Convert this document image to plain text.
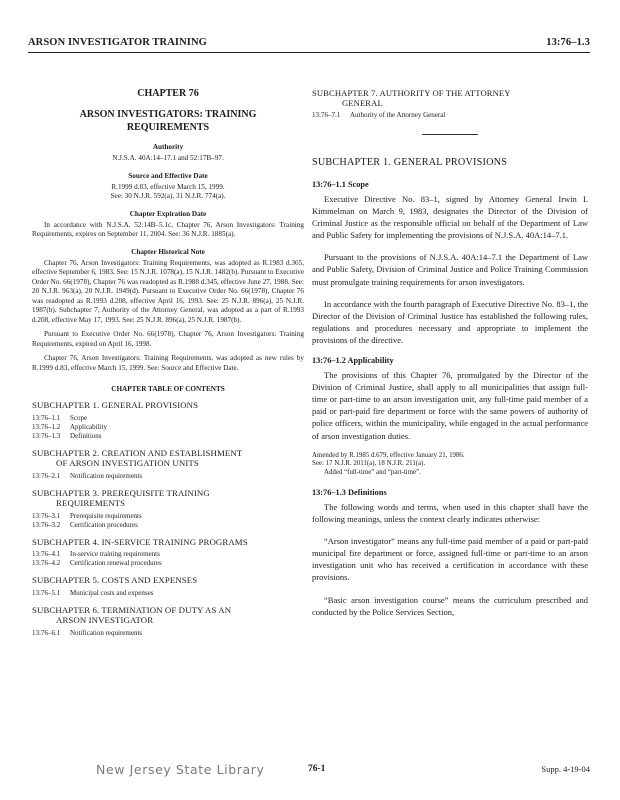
ARSON INVESTIGATOR TRAINING	13:76–1.3
CHAPTER 76
ARSON INVESTIGATORS: TRAINING REQUIREMENTS
Authority
N.J.S.A. 40A:14–17.1 and 52:17B–97.
Source and Effective Date
R.1999 d.83, effective March 15, 1999.
See: 30 N.J.R. 592(a), 31 N.J.R. 774(a).
Chapter Expiration Date
In accordance with N.J.S.A. 52:14B–5.1c, Chapter 76, Arson Investigators: Training Requirements, expires on September 11, 2004. See: 36 N.J.R. 1885(a).
Chapter Historical Note
Chapter 76, Arson Investigators: Training Requirements, was adopted as R.1983 d.365, effective September 6, 1983. See: 15 N.J.R. 1078(a), 15 N.J.R. 1482(b). Pursuant to Executive Order No. 66(1978), Chapter 76 was readopted as R.1988 d.345, effective June 27, 1988. See: 20 N.J.R. 963(a), 20 N.J.R. 1949(d). Pursuant to Executive Order No. 66(1978), Chapter 76 was readopted as R.1993 d.208, effective April 16, 1993. See: 25 N.J.R. 896(a), 25 N.J.R. 1987(b). Subchapter 7, Authority of the Attorney General, was adopted as a part of R.1993 d.208, effective May 17, 1993. See: 25 N.J.R. 896(a), 25 N.J.R. 1987(b).
Pursuant to Executive Order No. 66(1978), Chapter 76, Arson Investigators: Training Requirements, expired on April 16, 1998.
Chapter 76, Arson Investigators: Training Requirements, was adopted as new rules by R.1999 d.83, effective March 15, 1999. See: Source and Effective Date.
CHAPTER TABLE OF CONTENTS
SUBCHAPTER 1. GENERAL PROVISIONS
13:76–1.1	Scope
13:76–1.2	Applicability
13:76–1.3	Definitions
SUBCHAPTER 2. CREATION AND ESTABLISHMENT
OF ARSON INVESTIGATION UNITS
13:76–2.1	Notification requirements
SUBCHAPTER 3. PREREQUISITE TRAINING
REQUIREMENTS
13:76–3.1	Prerequisite requirements
13:76–3.2	Certification procedures
SUBCHAPTER 4. IN-SERVICE TRAINING PROGRAMS
13:76–4.1	In-service training requirements
13:76–4.2	Certification renewal procedures
SUBCHAPTER 5. COSTS AND EXPENSES
13:76–5.1	Municipal costs and expenses
SUBCHAPTER 6. TERMINATION OF DUTY AS AN
ARSON INVESTIGATOR
13:76–6.1	Notification requirements
SUBCHAPTER 7. AUTHORITY OF THE ATTORNEY
GENERAL
13:76–7.1	Authority of the Attorney General
SUBCHAPTER 1. GENERAL PROVISIONS
13:76–1.1 Scope

Executive Directive No. 83–1, signed by Attorney General Irwin I. Kimmelman on March 9, 1983, designates the Director of the Division of Criminal Justice as the responsible official on behalf of the Department of Law and Public Safety for implementing the provisions of N.J.S.A. 40A:14–7.1.

Pursuant to the provisions of N.J.S.A. 40A:14–7.1 the Department of Law and Public Safety, Division of Criminal Justice and Police Training Commission must promulgate training requirements for arson investigators.

In accordance with the fourth paragraph of Executive Directive No. 83–1, the Director of the Division of Criminal Justice has established the following rules, regulations and procedures necessary and appropriate to implement the provisions of the directive.

13:76–1.2 Applicability

The provisions of this Chapter 76, promulgated by the Director of the Division of Criminal Justice, shall apply to all municipalities that assign full-time or part-time to an arson investigation unit, any full-time paid member of a paid or part-paid fire department or force with the same powers of authority of police officers, within the municipality, while engaged in the actual performance of arson investigation duties.

Amended by R.1985 d.679, effective January 21, 1986.
See: 17 N.J.R. 2011(a), 18 N.J.R. 211(a).

Added “full-time” and “part-time”.
13:76–1.3 Definitions

The following words and terms, when used in this chapter shall have the following meanings, unless the context clearly indicates otherwise:

“Arson investigator” means any full-time paid member of a paid or part-paid municipal fire department or force, assigned full-time or part-time to an arson investigation unit who has received a certification in accordance with these provisions.

“Basic arson investigation course” means the curriculum prescribed and conducted by the Police Services Section,

New Jersey State Library	76-1	Supp. 4-19-04
